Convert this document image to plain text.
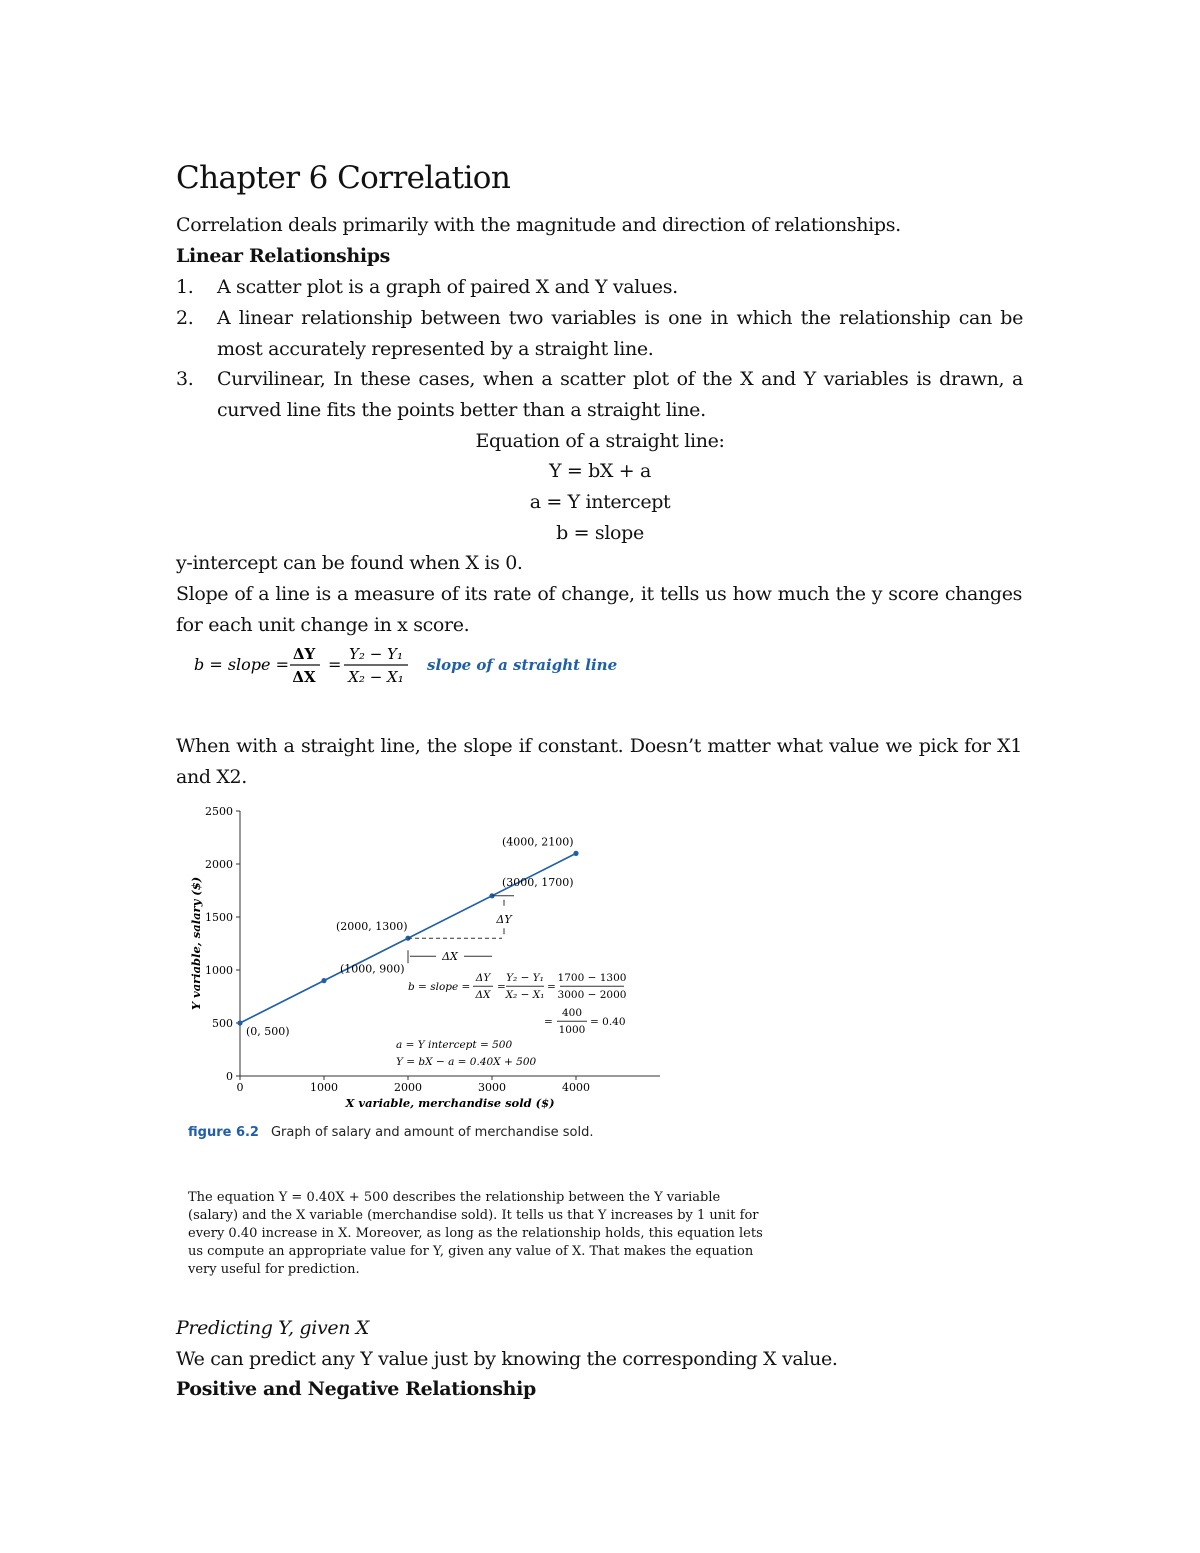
Chapter 6 Correlation
Correlation deals primarily with the magnitude and direction of relationships.
Linear Relationships
1. A scatter plot is a graph of paired X and Y values.
2. A linear relationship between two variables is one in which the relationship can be
most accurately represented by a straight line.
3. Curvilinear, In these cases, when a scatter plot of the X and Y variables is drawn, a
curved line fits the points better than a straight line.
Equation of a straight line:
Y = bX + a
a = Y intercept
b = slope
y-intercept can be found when X is 0.
Slope of a line is a measure of its rate of change, it tells us how much the y score changes
for each unit change in x score.
b = slope =
ΔY
ΔX
=
Y₂ − Y₁
X₂ − X₁
slope of a straight line
When with a straight line, the slope if constant. Doesn’t matter what value we pick for X1
and X2.
0
500
1000
1500
2000
2500
0	1000	2000	3000	4000
X variable, merchandise sold ($)
Y variable, salary ($)
(0, 500)
(1000, 900)
(2000, 1300)
(3000, 1700)
(4000, 2100)
ΔY
ΔX
b = slope =
ΔY
ΔX
=
Y₂ − Y₁
X₂ − X₁
=
1700 − 1300
3000 − 2000
=
400
1000
= 0.40
a = Y intercept = 500
Y = bX − a = 0.40X + 500
figure 6.2 Graph of salary and amount of merchandise sold.
The equation Y = 0.40X + 500 describes the relationship between the Y variable
(salary) and the X variable (merchandise sold). It tells us that Y increases by 1 unit for
every 0.40 increase in X. Moreover, as long as the relationship holds, this equation lets
us compute an appropriate value for Y, given any value of X. That makes the equation
very useful for prediction.
Predicting Y, given X
We can predict any Y value just by knowing the corresponding X value.
Positive and Negative Relationship
